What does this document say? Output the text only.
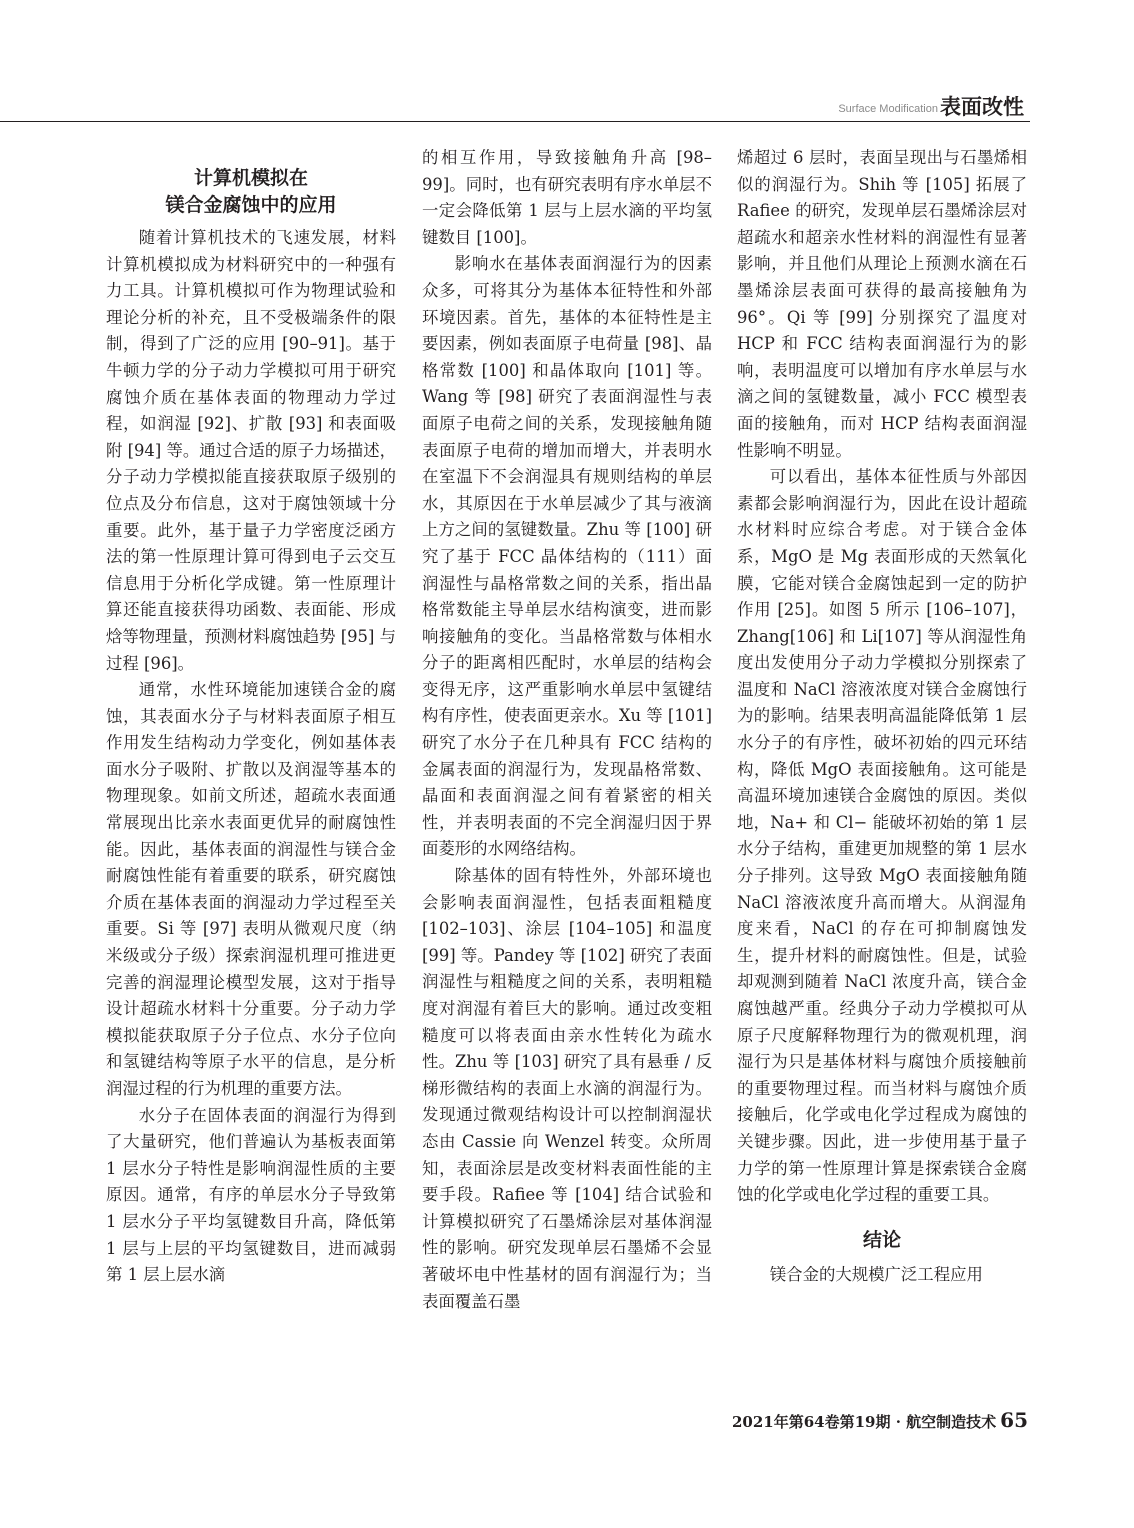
Surface Modification 表面改性
计算机模拟在
镁合金腐蚀中的应用

随着计算机技术的飞速发展，材料计算机模拟成为材料研究中的一种强有力工具。计算机模拟可作为物理试验和理论分析的补充，且不受极端条件的限制，得到了广泛的应用 [90–91]。基于牛顿力学的分子动力学模拟可用于研究腐蚀介质在基体表面的物理动力学过程，如润湿 [92]、扩散 [93] 和表面吸附 [94] 等。通过合适的原子力场描述，分子动力学模拟能直接获取原子级别的位点及分布信息，这对于腐蚀领域十分重要。此外，基于量子力学密度泛函方法的第一性原理计算可得到电子云交互信息用于分析化学成键。第一性原理计算还能直接获得功函数、表面能、形成焓等物理量，预测材料腐蚀趋势 [95] 与过程 [96]。

通常，水性环境能加速镁合金的腐蚀，其表面水分子与材料表面原子相互作用发生结构动力学变化，例如基体表面水分子吸附、扩散以及润湿等基本的物理现象。如前文所述，超疏水表面通常展现出比亲水表面更优异的耐腐蚀性能。因此，基体表面的润湿性与镁合金耐腐蚀性能有着重要的联系，研究腐蚀介质在基体表面的润湿动力学过程至关重要。Si 等 [97] 表明从微观尺度（纳米级或分子级）探索润湿机理可推进更完善的润湿理论模型发展，这对于指导设计超疏水材料十分重要。分子动力学模拟能获取原子分子位点、水分子位向和氢键结构等原子水平的信息，是分析润湿过程的行为机理的重要方法。

水分子在固体表面的润湿行为得到了大量研究，他们普遍认为基板表面第 1 层水分子特性是影响润湿性质的主要原因。通常，有序的单层水分子导致第 1 层水分子平均氢键数目升高，降低第 1 层与上层的平均氢键数目，进而减弱第 1 层上层水滴

的相互作用，导致接触角升高 [98–99]。同时，也有研究表明有序水单层不一定会降低第 1 层与上层水滴的平均氢键数目 [100]。

影响水在基体表面润湿行为的因素众多，可将其分为基体本征特性和外部环境因素。首先，基体的本征特性是主要因素，例如表面原子电荷量 [98]、晶格常数 [100] 和晶体取向 [101] 等。Wang 等 [98] 研究了表面润湿性与表面原子电荷之间的关系，发现接触角随表面原子电荷的增加而增大，并表明水在室温下不会润湿具有规则结构的单层水，其原因在于水单层减少了其与液滴上方之间的氢键数量。Zhu 等 [100] 研究了基于 FCC 晶体结构的（111）面润湿性与晶格常数之间的关系，指出晶格常数能主导单层水结构演变，进而影响接触角的变化。当晶格常数与体相水分子的距离相匹配时，水单层的结构会变得无序，这严重影响水单层中氢键结构有序性，使表面更亲水。Xu 等 [101] 研究了水分子在几种具有 FCC 结构的金属表面的润湿行为，发现晶格常数、晶面和表面润湿之间有着紧密的相关性，并表明表面的不完全润湿归因于界面菱形的水网络结构。

除基体的固有特性外，外部环境也会影响表面润湿性，包括表面粗糙度 [102–103]、涂层 [104–105] 和温度 [99] 等。Pandey 等 [102] 研究了表面润湿性与粗糙度之间的关系，表明粗糙度对润湿有着巨大的影响。通过改变粗糙度可以将表面由亲水性转化为疏水性。Zhu 等 [103] 研究了具有悬垂 / 反梯形微结构的表面上水滴的润湿行为。发现通过微观结构设计可以控制润湿状态由 Cassie 向 Wenzel 转变。众所周知，表面涂层是改变材料表面性能的主要手段。Rafiee 等 [104] 结合试验和计算模拟研究了石墨烯涂层对基体润湿性的影响。研究发现单层石墨烯不会显著破坏电中性基材的固有润湿行为；当表面覆盖石墨

烯超过 6 层时，表面呈现出与石墨烯相似的润湿行为。Shih 等 [105] 拓展了 Rafiee 的研究，发现单层石墨烯涂层对超疏水和超亲水性材料的润湿性有显著影响，并且他们从理论上预测水滴在石墨烯涂层表面可获得的最高接触角为 96°。Qi 等 [99] 分别探究了温度对 HCP 和 FCC 结构表面润湿行为的影响，表明温度可以增加有序水单层与水滴之间的氢键数量，减小 FCC 模型表面的接触角，而对 HCP 结构表面润湿性影响不明显。

可以看出，基体本征性质与外部因素都会影响润湿行为，因此在设计超疏水材料时应综合考虑。对于镁合金体系，MgO 是 Mg 表面形成的天然氧化膜，它能对镁合金腐蚀起到一定的防护作用 [25]。如图 5 所示 [106–107]，Zhang[106] 和 Li[107] 等从润湿性角度出发使用分子动力学模拟分别探索了温度和 NaCl 溶液浓度对镁合金腐蚀行为的影响。结果表明高温能降低第 1 层水分子的有序性，破坏初始的四元环结构，降低 MgO 表面接触角。这可能是高温环境加速镁合金腐蚀的原因。类似地，Na+ 和 Cl− 能破坏初始的第 1 层水分子结构，重建更加规整的第 1 层水分子排列。这导致 MgO 表面接触角随 NaCl 溶液浓度升高而增大。从润湿角度来看，NaCl 的存在可抑制腐蚀发生，提升材料的耐腐蚀性。但是，试验却观测到随着 NaCl 浓度升高，镁合金腐蚀越严重。经典分子动力学模拟可从原子尺度解释物理行为的微观机理，润湿行为只是基体材料与腐蚀介质接触前的重要物理过程。而当材料与腐蚀介质接触后，化学或电化学过程成为腐蚀的关键步骤。因此，进一步使用基于量子力学的第一性原理计算是探索镁合金腐蚀的化学或电化学过程的重要工具。

结论

镁合金的大规模广泛工程应用

2021年第64卷第19期 · 航空制造技术 65
